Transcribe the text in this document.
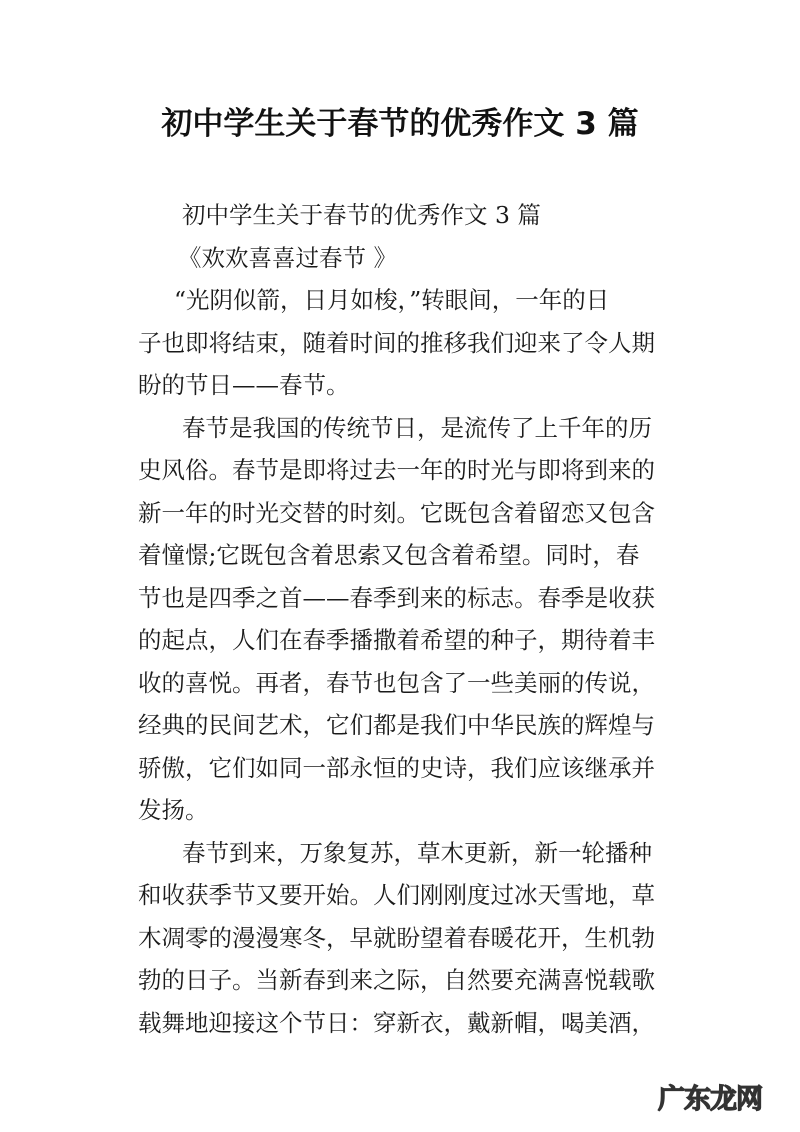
初中学生关于春节的优秀作文 3 篇
初中学生关于春节的优秀作文 3 篇
《欢欢喜喜过春节 》
“光阴似箭，日月如梭，”转眼间，一年的日
子也即将结束，随着时间的推移我们迎来了令人期
盼的节日——春节。
春节是我国的传统节日，是流传了上千年的历
史风俗。春节是即将过去一年的时光与即将到来的
新一年的时光交替的时刻。它既包含着留恋又包含
着憧憬;它既包含着思索又包含着希望。同时，春
节也是四季之首——春季到来的标志。春季是收获
的起点，人们在春季播撒着希望的种子，期待着丰
收的喜悦。再者，春节也包含了一些美丽的传说，
经典的民间艺术，它们都是我们中华民族的辉煌与
骄傲，它们如同一部永恒的史诗，我们应该继承并
发扬。
春节到来，万象复苏，草木更新，新一轮播种
和收获季节又要开始。人们刚刚度过冰天雪地，草
木凋零的漫漫寒冬，早就盼望着春暖花开，生机勃
勃的日子。当新春到来之际，自然要充满喜悦载歌
载舞地迎接这个节日：穿新衣，戴新帽，喝美酒，
广东龙网
